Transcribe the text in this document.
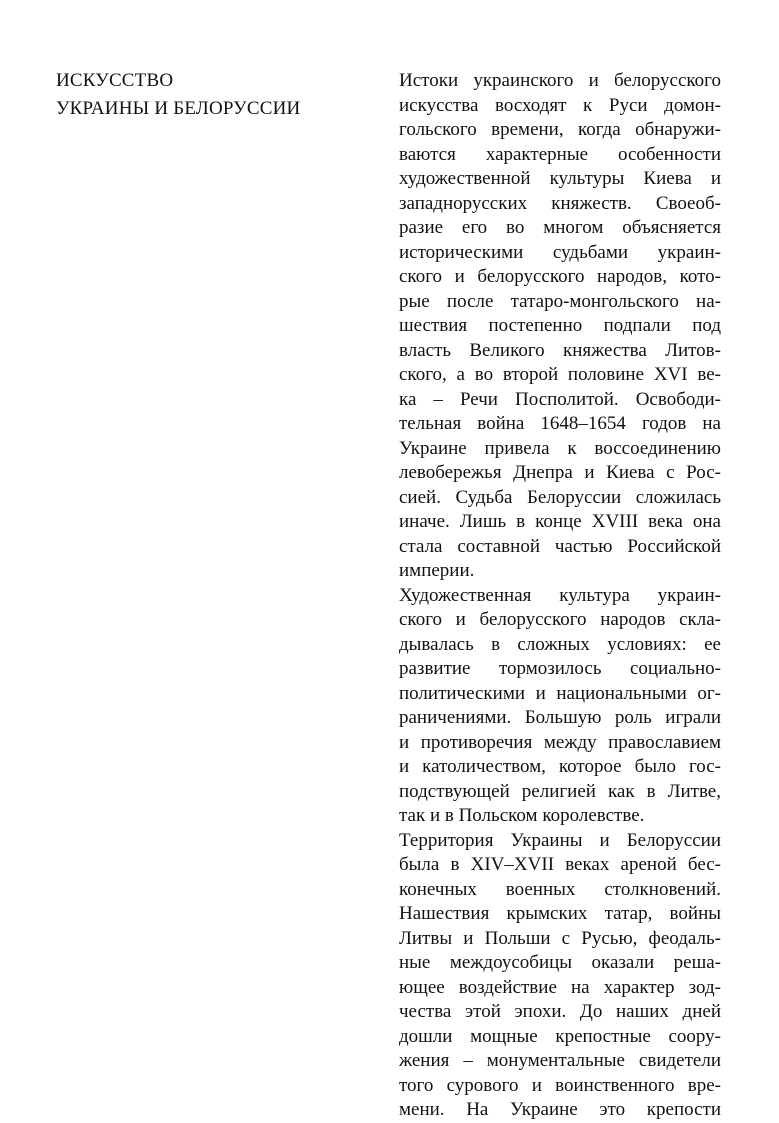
ИСКУССТВО
УКРАИНЫ И БЕЛОРУССИИ
Истоки украинского и белорусского
искусства восходят к Руси домон-
гольского времени, когда обнаружи-
ваются характерные особенности
художественной культуры Киева и
западнорусских княжеств. Своеоб-
разие его во многом объясняется
историческими судьбами украин-
ского и белорусского народов, кото-
рые после татаро-монгольского на-
шествия постепенно подпали под
власть Великого княжества Литов-
ского, а во второй половине XVI ве-
ка – Речи Посполитой. Освободи-
тельная война 1648–1654 годов на
Украине привела к воссоединению
левобережья Днепра и Киева с Рос-
сией. Судьба Белоруссии сложилась
иначе. Лишь в конце XVIII века она
стала составной частью Российской
империи.
Художественная культура украин-
ского и белорусского народов скла-
дывалась в сложных условиях: ее
развитие тормозилось социально-
политическими и национальными ог-
раничениями. Большую роль играли
и противоречия между православием
и католичеством, которое было гос-
подствующей религией как в Литве,
так и в Польском королевстве.
Территория Украины и Белоруссии
была в XIV–XVII веках ареной бес-
конечных военных столкновений.
Нашествия крымских татар, войны
Литвы и Польши с Русью, феодаль-
ные междоусобицы оказали реша-
ющее воздействие на характер зод-
чества этой эпохи. До наших дней
дошли мощные крепостные соору-
жения – монументальные свидетели
того сурового и воинственного вре-
мени. На Украине это крепости
